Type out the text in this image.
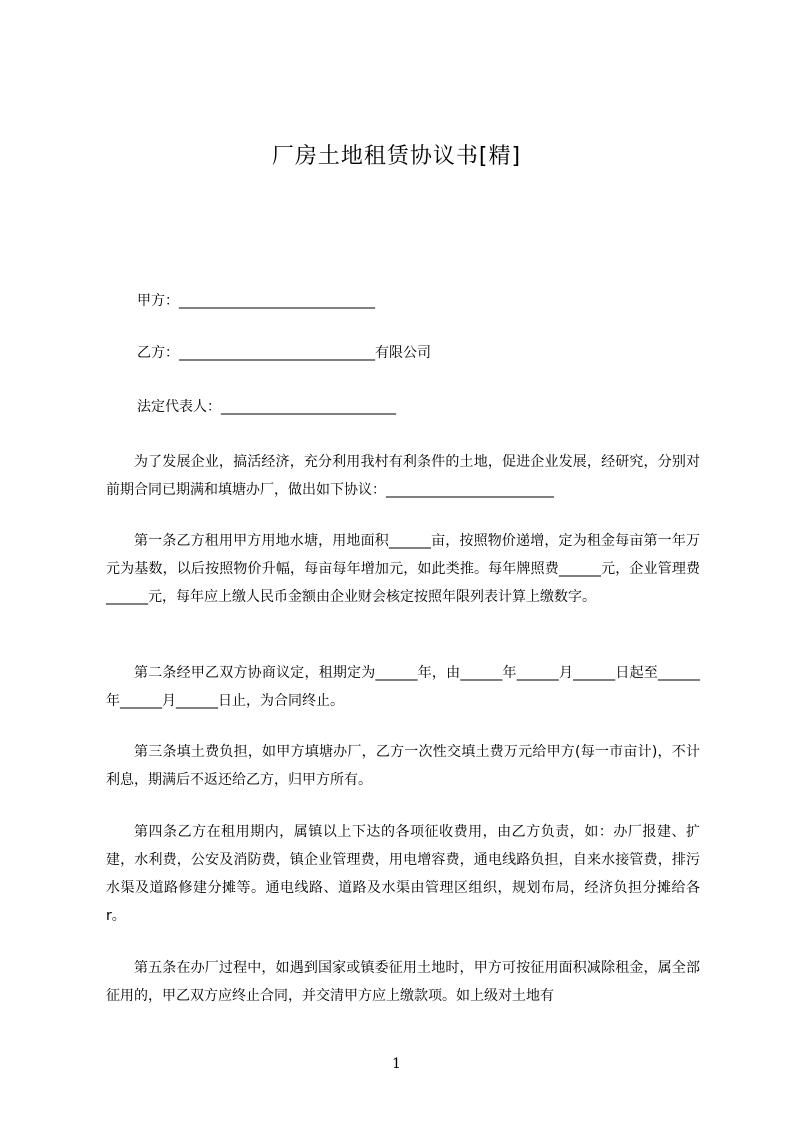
厂房土地租赁协议书[精]
甲方：____________________________
乙方：____________________________有限公司
法定代表人：_________________________

为了发展企业，搞活经济，充分利用我村有利条件的土地，促进企业发展，经研究，分别对前期合同已期满和填塘办厂，做出如下协议：________________________

第一条乙方租用甲方用地水塘，用地面积______亩，按照物价递增，定为租金每亩第一年万元为基数，以后按照物价升幅，每亩每年增加元，如此类推。每年牌照费______元，企业管理费______元，每年应上缴人民币金额由企业财会核定按照年限列表计算上缴数字。

第二条经甲乙双方协商议定，租期定为______年，由______年______月______日起至______年______月______日止，为合同终止。

第三条填土费负担，如甲方填塘办厂，乙方一次性交填土费万元给甲方(每一市亩计)，不计利息，期满后不返还给乙方，归甲方所有。

第四条乙方在租用期内，属镇以上下达的各项征收费用，由乙方负责，如：办厂报建、扩建，水利费，公安及消防费，镇企业管理费，用电增容费，通电线路负担，自来水接管费，排污水渠及道路修建分摊等。通电线路、道路及水渠由管理区组织，规划布局，经济负担分摊给各 r。

第五条在办厂过程中，如遇到国家或镇委征用土地时，甲方可按征用面积减除租金，属全部征用的，甲乙双方应终止合同，并交清甲方应上缴款项。如上级对土地有

1
